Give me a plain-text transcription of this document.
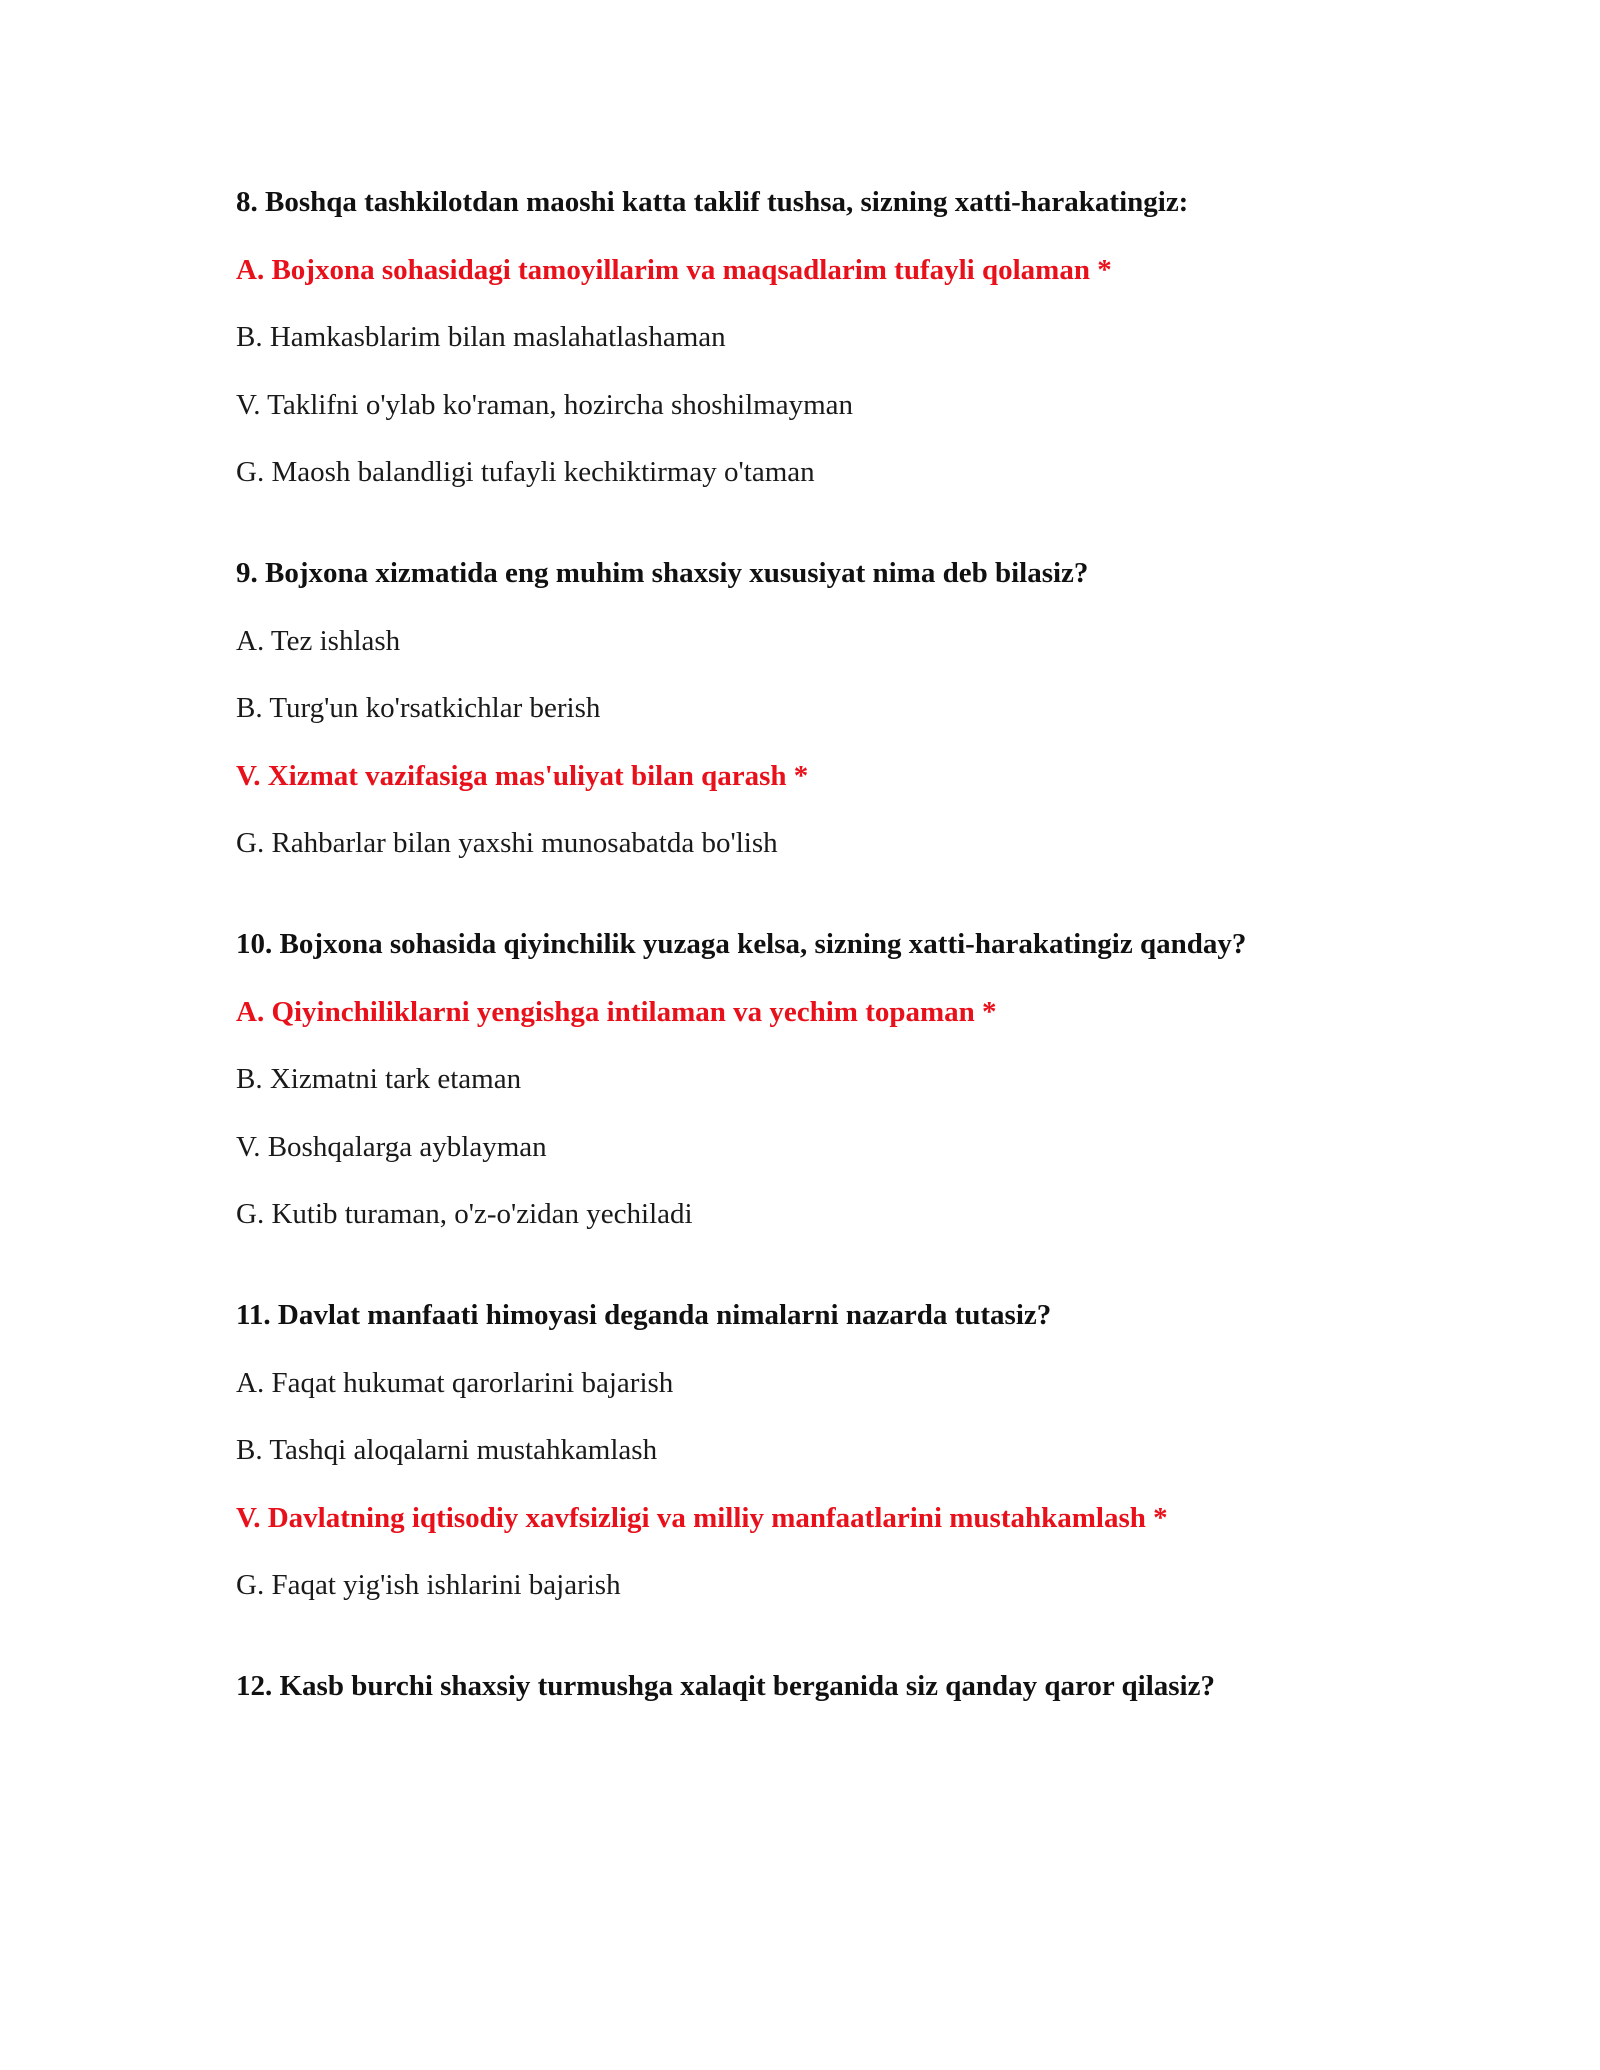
8. Boshqa tashkilotdan maoshi katta taklif tushsa, sizning xatti-harakatingiz:
A. Bojxona sohasidagi tamoyillarim va maqsadlarim tufayli qolaman *
B. Hamkasblarim bilan maslahatlashaman
V. Taklifni o'ylab ko'raman, hozircha shoshilmayman
G. Maosh balandligi tufayli kechiktirmay o'taman
9. Bojxona xizmatida eng muhim shaxsiy xususiyat nima deb bilasiz?
A. Tez ishlash
B. Turg'un ko'rsatkichlar berish
V. Xizmat vazifasiga mas'uliyat bilan qarash *
G. Rahbarlar bilan yaxshi munosabatda bo'lish
10. Bojxona sohasida qiyinchilik yuzaga kelsa, sizning xatti-harakatingiz qanday?
A. Qiyinchiliklarni yengishga intilaman va yechim topaman *
B. Xizmatni tark etaman
V. Boshqalarga ayblayman
G. Kutib turaman, o'z-o'zidan yechiladi
11. Davlat manfaati himoyasi deganda nimalarni nazarda tutasiz?
A. Faqat hukumat qarorlarini bajarish
B. Tashqi aloqalarni mustahkamlash
V. Davlatning iqtisodiy xavfsizligi va milliy manfaatlarini mustahkamlash *
G. Faqat yig'ish ishlarini bajarish
12. Kasb burchi shaxsiy turmushga xalaqit berganida siz qanday qaror qilasiz?
